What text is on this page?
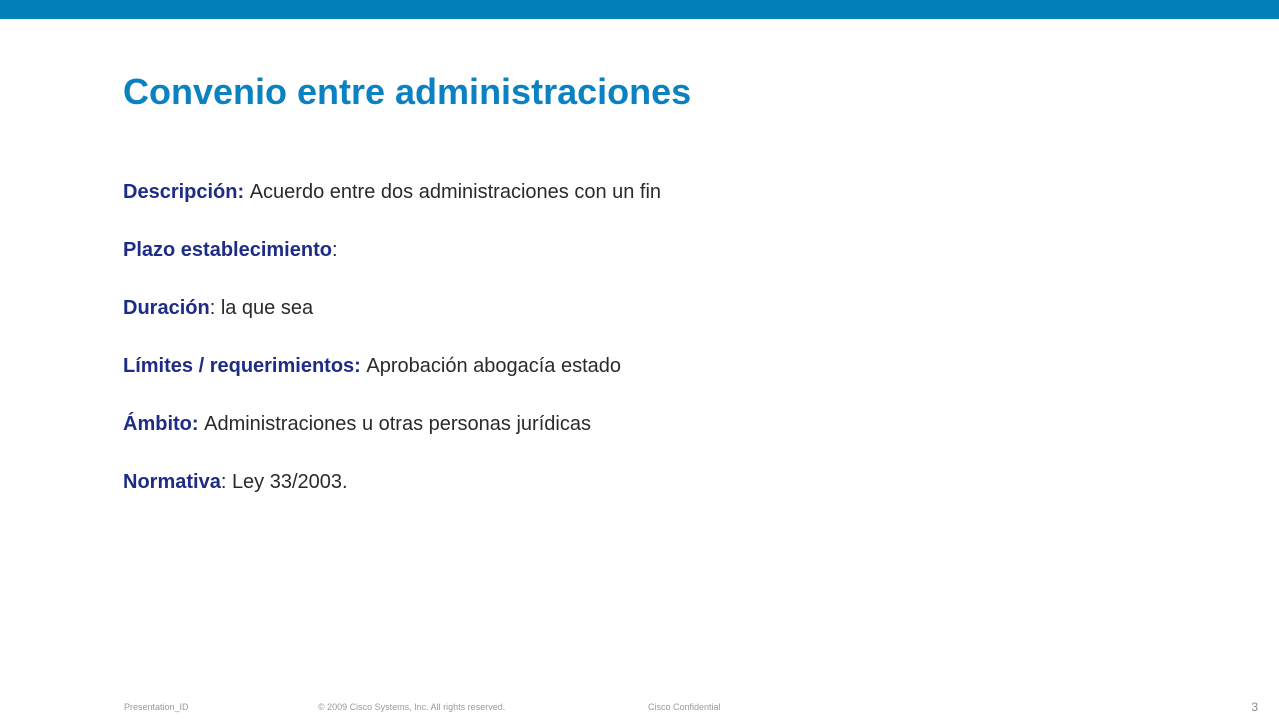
Convenio entre administraciones
Descripción: Acuerdo entre dos administraciones con un fin
Plazo establecimiento:
Duración: la que sea
Límites / requerimientos: Aprobación abogacía estado
Ámbito: Administraciones u otras personas jurídicas
Normativa: Ley 33/2003.
Presentation_ID	© 2009 Cisco Systems, Inc. All rights reserved.	Cisco Confidential	3
